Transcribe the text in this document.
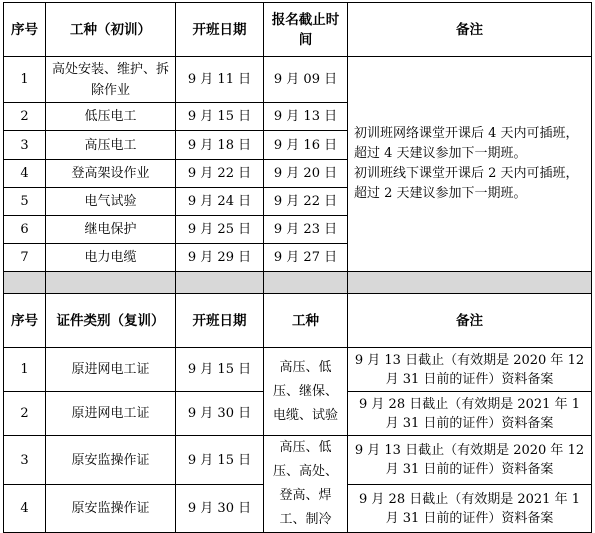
序号	工种（初训）	开班日期	报名截止时间	备注
1	高处安装、维护、拆除作业	9 月 11 日	9 月 09 日	初训班网络课堂开课后 4 天内可插班，超过 4 天建议参加下一期班。
初训班线下课堂开课后 2 天内可插班，超过 2 天建议参加下一期班。

2	低压电工	9 月 15 日	9 月 13 日	
3	高压电工	9 月 18 日	9 月 16 日	
4	登高架设作业	9 月 22 日	9 月 20 日	
5	电气试验	9 月 24 日	9 月 22 日	
6	继电保护	9 月 25 日	9 月 23 日	
7	电力电缆	9 月 29 日	9 月 27 日	

序号	证件类别（复训）	开班日期	工种	备注
1	原进网电工证	9 月 15 日	高压、低压、继保、电缆、试验	9 月 13 日截止（有效期是 2020 年 12 月 31 日前的证件）资料备案
2	原进网电工证	9 月 30 日		9 月 28 日截止（有效期是 2021 年 1 月 31 日前的证件）资料备案
3	原安监操作证	9 月 15 日	高压、低压、高处、登高、焊工、制冷	9 月 13 日截止（有效期是 2020 年 12 月 31 日前的证件）资料备案
4	原安监操作证	9 月 30 日		9 月 28 日截止（有效期是 2021 年 1 月 31 日前的证件）资料备案
